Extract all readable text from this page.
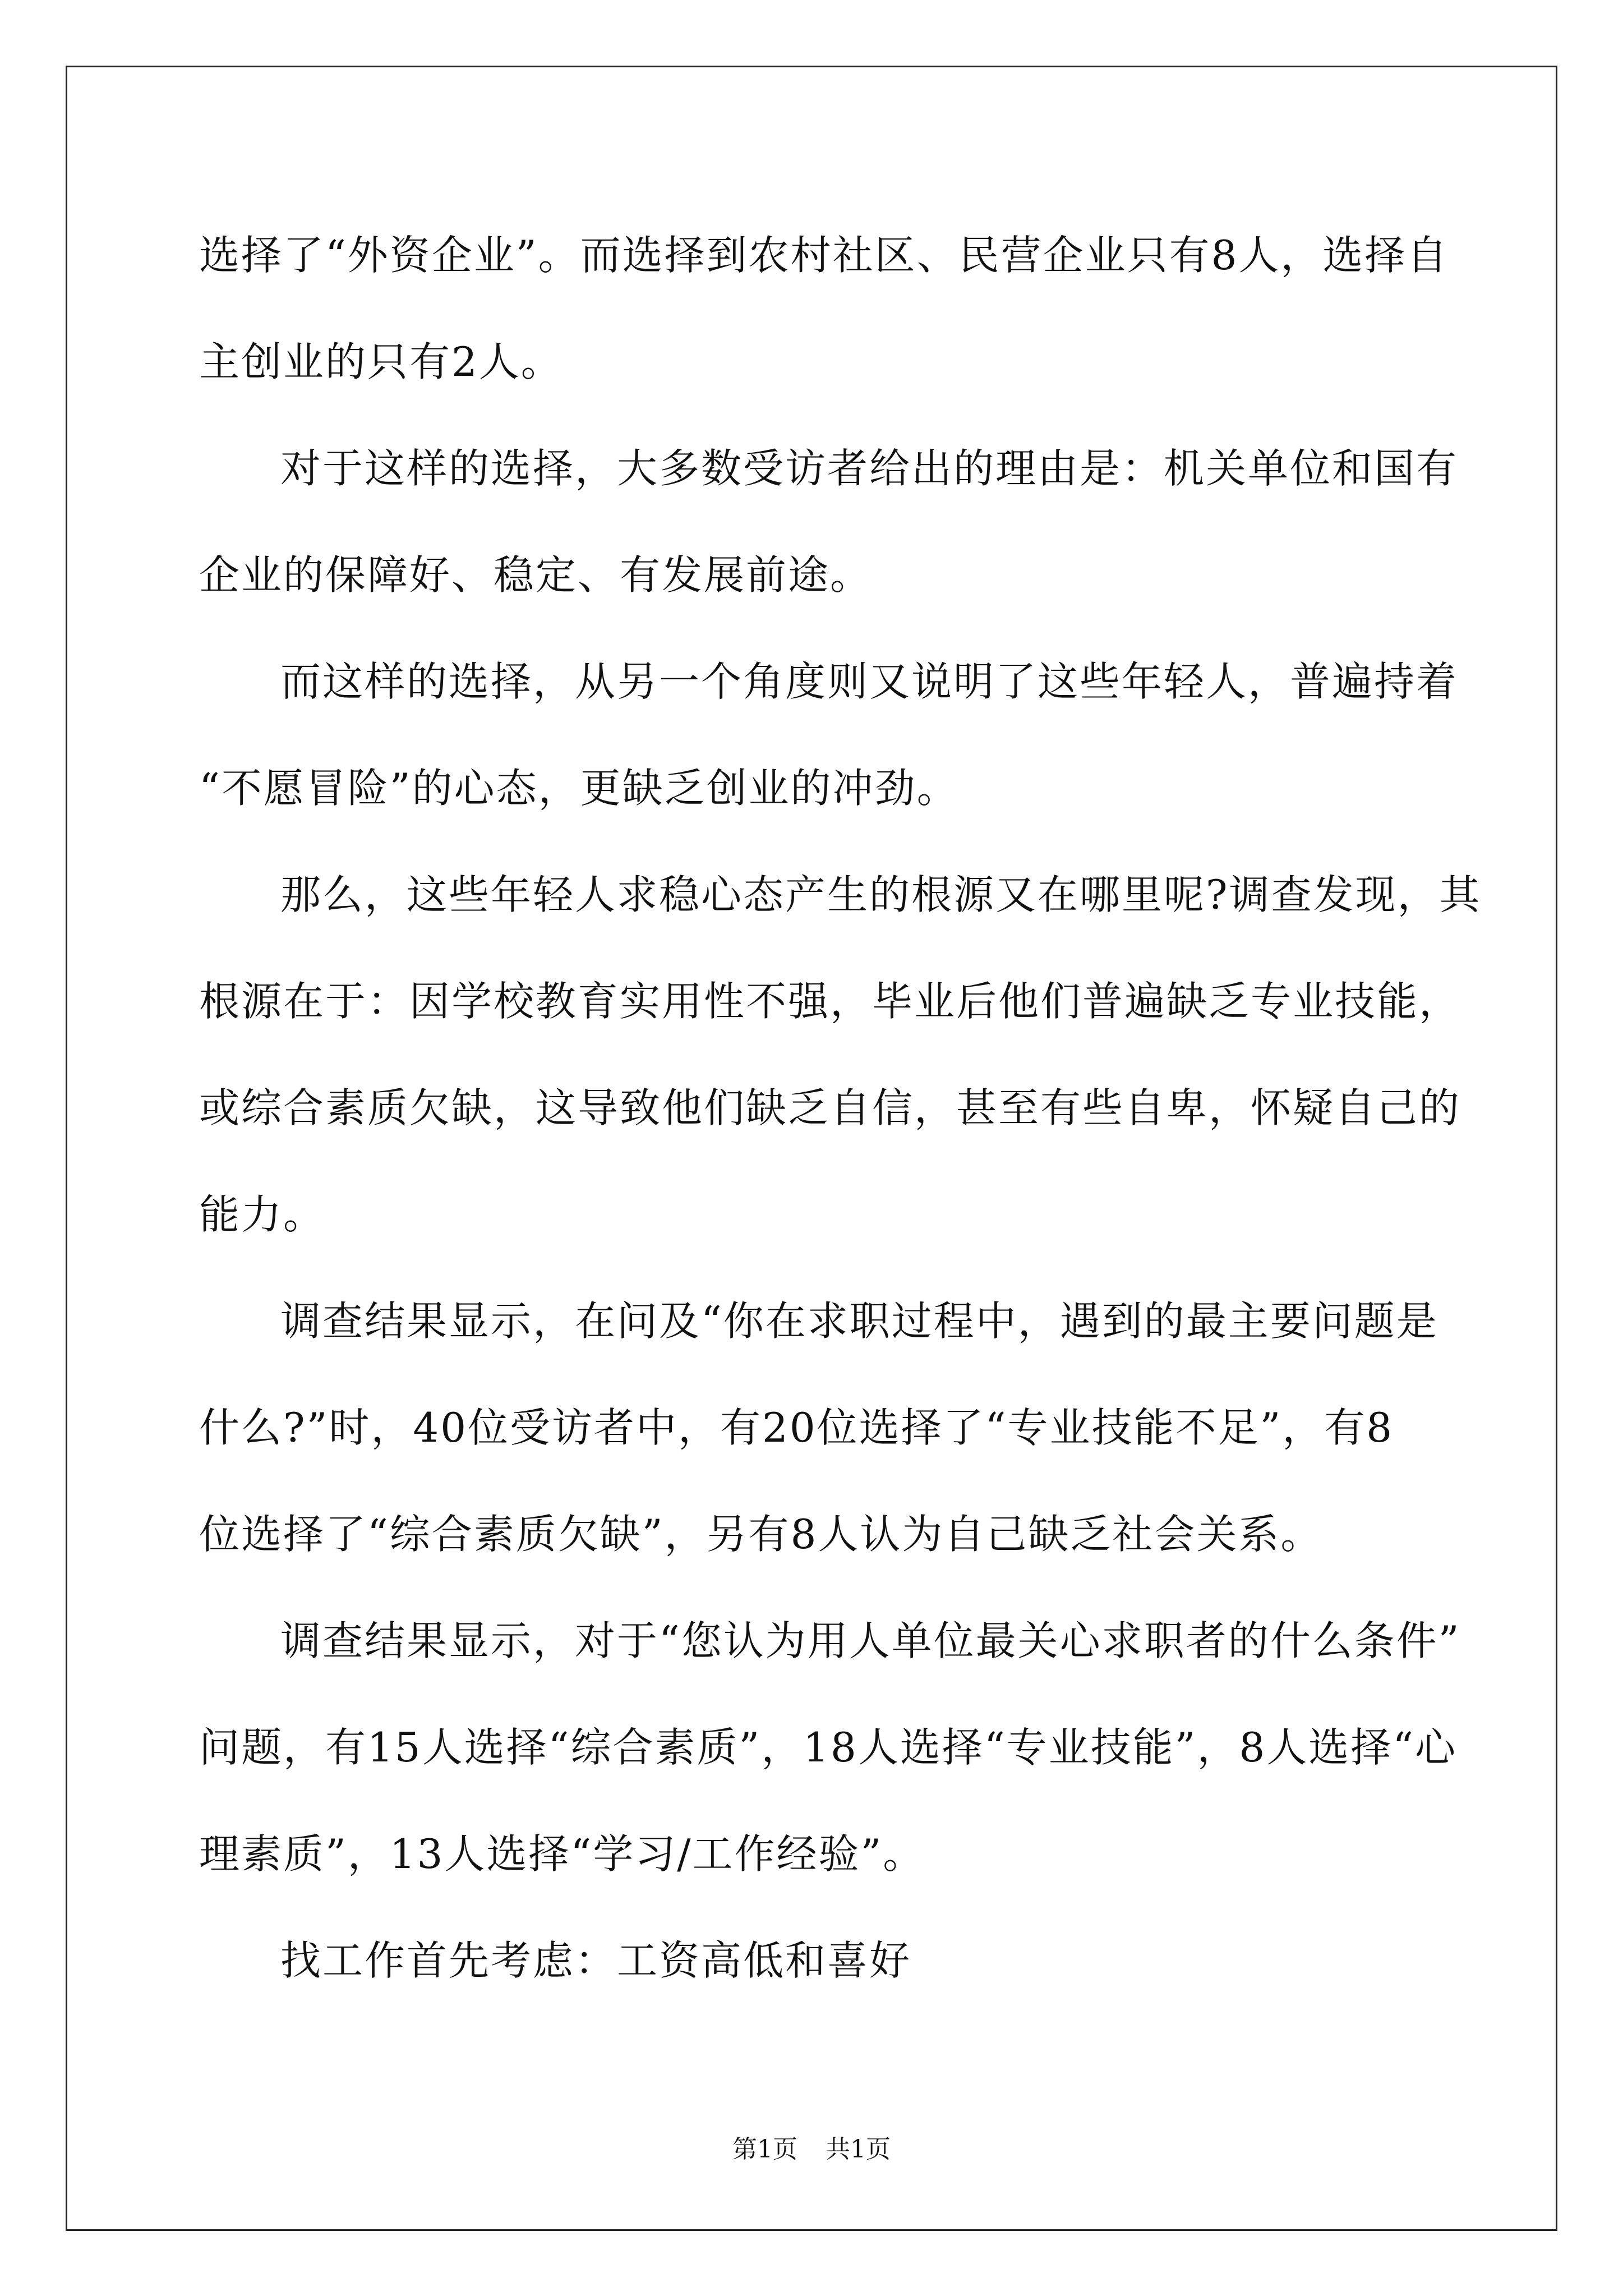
选择了“外资企业”。而选择到农村社区、民营企业只有8人，选择自
主创业的只有2人。
对于这样的选择，大多数受访者给出的理由是：机关单位和国有
企业的保障好、稳定、有发展前途。
而这样的选择，从另一个角度则又说明了这些年轻人，普遍持着
“不愿冒险”的心态，更缺乏创业的冲劲。
那么，这些年轻人求稳心态产生的根源又在哪里呢?调查发现，其
根源在于：因学校教育实用性不强，毕业后他们普遍缺乏专业技能，
或综合素质欠缺，这导致他们缺乏自信，甚至有些自卑，怀疑自己的
能力。
调查结果显示，在问及“你在求职过程中，遇到的最主要问题是
什么?”时，40位受访者中，有20位选择了“专业技能不足”，有8
位选择了“综合素质欠缺”，另有8人认为自己缺乏社会关系。
调查结果显示，对于“您认为用人单位最关心求职者的什么条件”
问题，有15人选择“综合素质”，18人选择“专业技能”，8人选择“心
理素质”，13人选择“学习/工作经验”。
找工作首先考虑：工资高低和喜好
第1页 共1页
